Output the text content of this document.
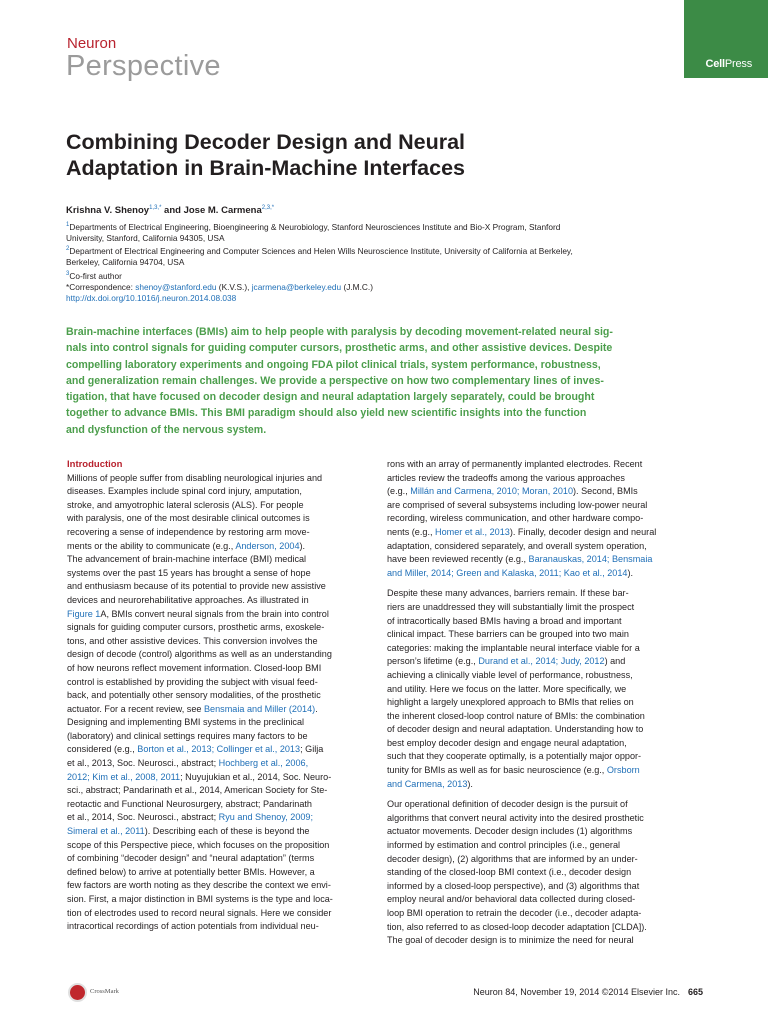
Neuron
Perspective	CellPress
Combining Decoder Design and Neural
Adaptation in Brain-Machine Interfaces
Krishna V. Shenoy$^{1,3,*}$ and Jose M. Carmena$^{2,3,*}$
$^1$Departments of Electrical Engineering, Bioengineering & Neurobiology, Stanford Neurosciences Institute and Bio-X Program, Stanford
University, Stanford, California 94305, USA
$^2$Department of Electrical Engineering and Computer Sciences and Helen Wills Neuroscience Institute, University of California at Berkeley,
Berkeley, California 94704, USA
$^3$Co-first author
*Correspondence: shenoy@stanford.edu (K.V.S.), jcarmena@berkeley.edu (J.M.C.)
http://dx.doi.org/10.1016/j.neuron.2014.08.038
Brain-machine interfaces (BMIs) aim to help people with paralysis by decoding movement-related neural sig-
nals into control signals for guiding computer cursors, prosthetic arms, and other assistive devices. Despite
compelling laboratory experiments and ongoing FDA pilot clinical trials, system performance, robustness,
and generalization remain challenges. We provide a perspective on how two complementary lines of inves-
tigation, that have focused on decoder design and neural adaptation largely separately, could be brought
together to advance BMIs. This BMI paradigm should also yield new scientific insights into the function
and dysfunction of the nervous system.
Introduction
Millions of people suffer from disabling neurological injuries and
diseases. Examples include spinal cord injury, amputation,
stroke, and amyotrophic lateral sclerosis (ALS). For people
with paralysis, one of the most desirable clinical outcomes is
recovering a sense of independence by restoring arm move-
ments or the ability to communicate (e.g., Anderson, 2004).
The advancement of brain-machine interface (BMI) medical
systems over the past 15 years has brought a sense of hope
and enthusiasm because of its potential to provide new assistive
devices and neurorehabilitative approaches. As illustrated in
Figure 1A, BMIs convert neural signals from the brain into control
signals for guiding computer cursors, prosthetic arms, exoskele-
tons, and other assistive devices. This conversion involves the
design of decode (control) algorithms as well as an understanding
of how neurons reflect movement information. Closed-loop BMI
control is established by providing the subject with visual feed-
back, and potentially other sensory modalities, of the prosthetic
actuator. For a recent review, see Bensmaia and Miller (2014).
Designing and implementing BMI systems in the preclinical
(laboratory) and clinical settings requires many factors to be
considered (e.g., Borton et al., 2013; Collinger et al., 2013; Gilja
et al., 2013, Soc. Neurosci., abstract; Hochberg et al., 2006,
2012; Kim et al., 2008, 2011; Nuyujukian et al., 2014, Soc. Neuro-
sci., abstract; Pandarinath et al., 2014, American Society for Ste-
reotactic and Functional Neurosurgery, abstract; Pandarinath
et al., 2014, Soc. Neurosci., abstract; Ryu and Shenoy, 2009;
Simeral et al., 2011). Describing each of these is beyond the
scope of this Perspective piece, which focuses on the proposition
of combining “decoder design” and “neural adaptation” (terms
defined below) to arrive at potentially better BMIs. However, a
few factors are worth noting as they describe the context we envi-
sion. First, a major distinction in BMI systems is the type and loca-
tion of electrodes used to record neural signals. Here we consider
intracortical recordings of action potentials from individual neu-
rons with an array of permanently implanted electrodes. Recent
articles review the tradeoffs among the various approaches
(e.g., Millán and Carmena, 2010; Moran, 2010). Second, BMIs
are comprised of several subsystems including low-power neural
recording, wireless communication, and other hardware compo-
nents (e.g., Homer et al., 2013). Finally, decoder design and neural
adaptation, considered separately, and overall system operation,
have been reviewed recently (e.g., Baranauskas, 2014; Bensmaia
and Miller, 2014; Green and Kalaska, 2011; Kao et al., 2014).
Despite these many advances, barriers remain. If these bar-
riers are unaddressed they will substantially limit the prospect
of intracortically based BMIs having a broad and important
clinical impact. These barriers can be grouped into two main
categories: making the implantable neural interface viable for a
person’s lifetime (e.g., Durand et al., 2014; Judy, 2012) and
achieving a clinically viable level of performance, robustness,
and utility. Here we focus on the latter. More specifically, we
highlight a largely unexplored approach to BMIs that relies on
the inherent closed-loop control nature of BMIs: the combination
of decoder design and neural adaptation. Understanding how to
best employ decoder design and engage neural adaptation,
such that they cooperate optimally, is a potentially major oppor-
tunity for BMIs as well as for basic neuroscience (e.g., Orsborn
and Carmena, 2013).
Our operational definition of decoder design is the pursuit of
algorithms that convert neural activity into the desired prosthetic
actuator movements. Decoder design includes (1) algorithms
informed by estimation and control principles (i.e., general
decoder design), (2) algorithms that are informed by an under-
standing of the closed-loop BMI context (i.e., decoder design
informed by a closed-loop perspective), and (3) algorithms that
employ neural and/or behavioral data collected during closed-
loop BMI operation to retrain the decoder (i.e., decoder adapta-
tion, also referred to as closed-loop decoder adaptation [CLDA]).
The goal of decoder design is to minimize the need for neural
CrossMark	Neuron 84, November 19, 2014 ©2014 Elsevier Inc. 665
